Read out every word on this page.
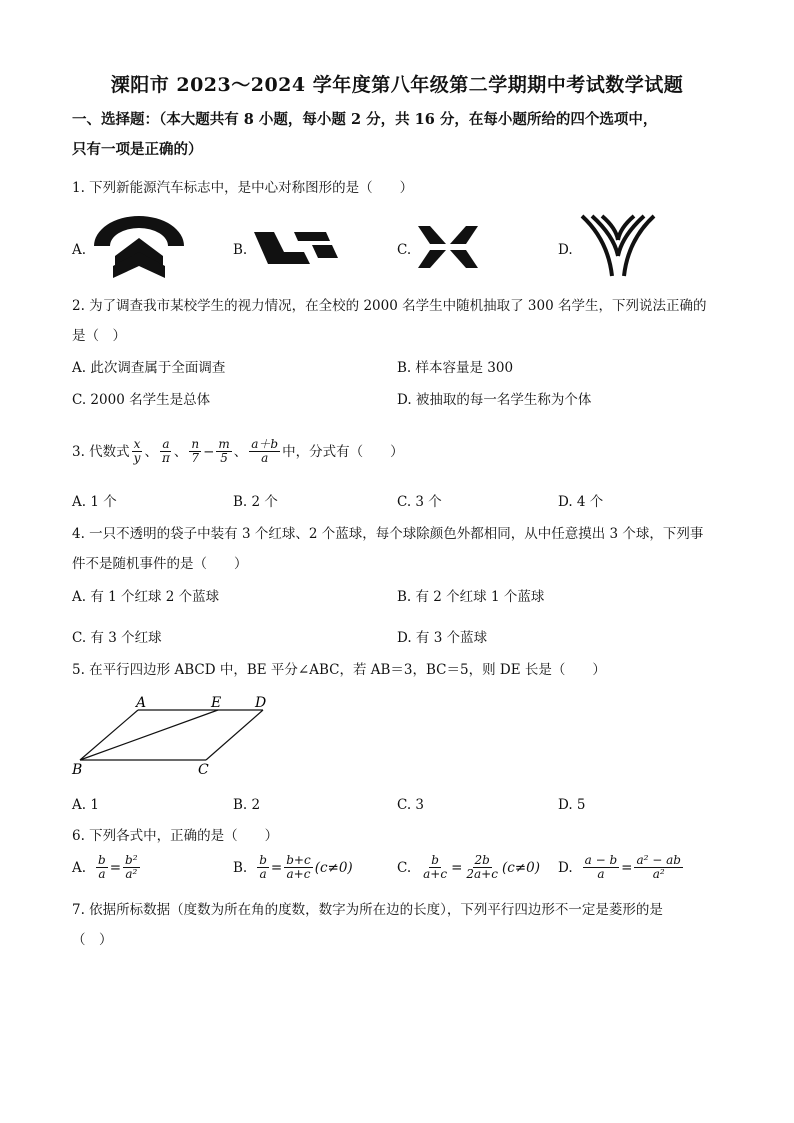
溧阳市 2023～2024 学年度第八年级第二学期期中考试数学试题
一、选择题：（本大题共有 8 小题，每小题 2 分，共 16 分，在每小题所给的四个选项中，
只有一项是正确的）
1. 下列新能源汽车标志中，是中心对称图形的是（　　）
A.	B.	C.	D.
2. 为了调查我市某校学生的视力情况，在全校的 2000 名学生中随机抽取了 300 名学生，下列说法正确的
是（　）
A. 此次调查属于全面调查	B. 样本容量是 300
C. 2000 名学生是总体	D. 被抽取的每一名学生称为个体
3. 代数式 $\frac{x}{y}$ 、 $\frac{a}{\pi}$ 、 $\frac{n}{7} - \frac{m}{5}$ 、 $\frac{a+b}{a}$ 中，分式有（　　）
A. 1 个	B. 2 个	C. 3 个	D. 4 个
4. 一只不透明的袋子中装有 3 个红球、2 个蓝球，每个球除颜色外都相同，从中任意摸出 3 个球，下列事
件不是随机事件的是（　　）
A. 有 1 个红球 2 个蓝球	B. 有 2 个红球 1 个蓝球
C. 有 3 个红球	D. 有 3 个蓝球
5. 在平行四边形 ABCD 中，BE 平分∠ABC，若 AB＝3，BC＝5，则 DE 长是（　　）
A	E D
B	C
A. 1	B. 2	C. 3	D. 5
6. 下列各式中，正确的是（　　）
A. $\frac{b}{a} = \frac{\text{b²}}{\text{a²}}$	B. $\frac{b}{a} = \frac{b+c}{a+c} (c\ne 0)$	C. $\frac{b}{a+c} = \frac{2b}{2a+c} (c\ne 0)$ D. $\frac{a - b}{a} = \frac{\text{a² − ab}}{\text{a²}}$
7. 依据所标数据（度数为所在角的度数，数字为所在边的长度），下列平行四边形不一定是菱形的是
（　）
